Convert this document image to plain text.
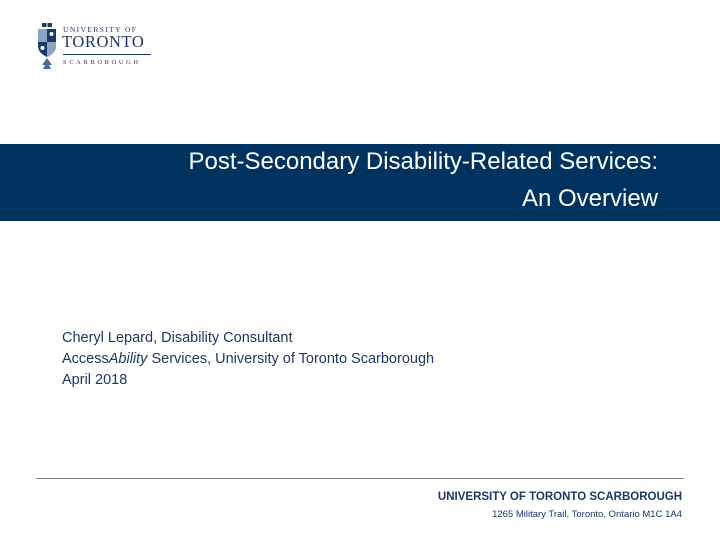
UNIVERSITY OF
TORONTO
SCARBOROUGH
Post-Secondary Disability-Related Services:
An Overview
Cheryl Lepard, Disability Consultant
AccessAbility Services, University of Toronto Scarborough
April 2018
UNIVERSITY OF TORONTO SCARBOROUGH
1265 Military Trail, Toronto, Ontario M1C 1A4
